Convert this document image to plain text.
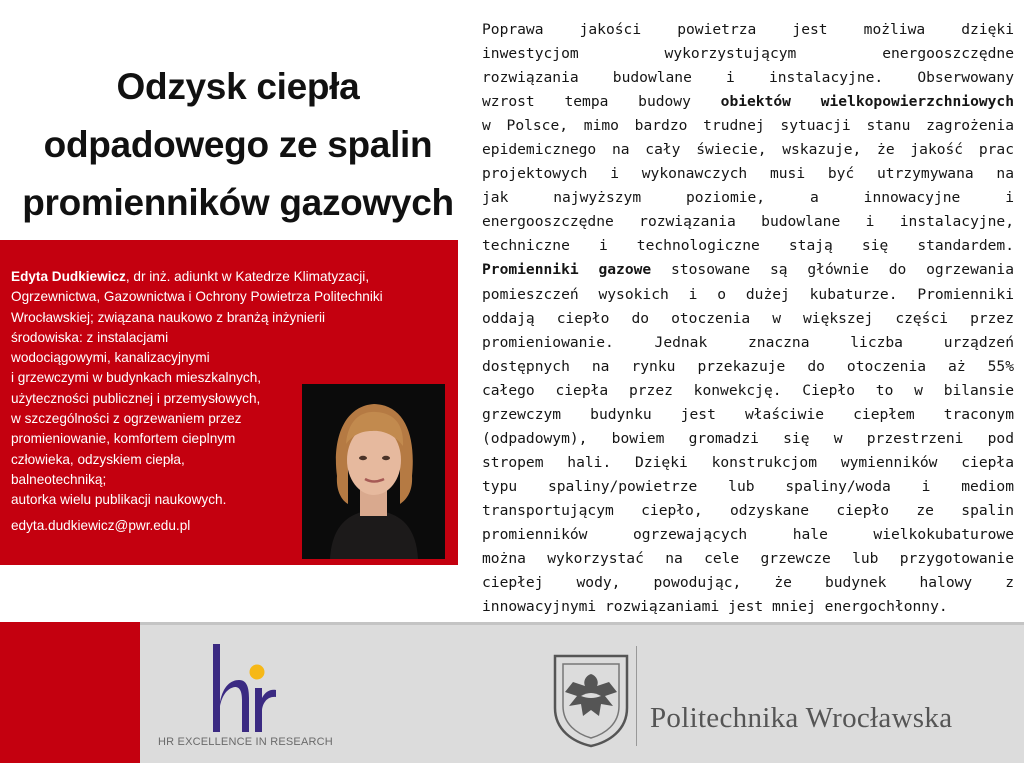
Odzysk ciepła
odpadowego ze spalin
promienników gazowych
Edyta Dudkiewicz, dr inż. adiunkt w Katedrze Klimatyzacji,
Ogrzewnictwa, Gazownictwa i Ochrony Powietrza Politechniki
Wrocławskiej; związana naukowo z branżą inżynierii
środowiska: z instalacjami
wodociągowymi, kanalizacyjnymi
i grzewczymi w budynkach mieszkalnych,
użyteczności publicznej i przemysłowych,
w szczególności z ogrzewaniem przez
promieniowanie, komfortem cieplnym
człowieka, odzyskiem ciepła,
balneotechniką;
autorka wielu publikacji naukowych.
edyta.dudkiewicz@pwr.edu.pl
Poprawa jakości powietrza jest możliwa dzięki
inwestycjom wykorzystującym energooszczędne
rozwiązania budowlane i instalacyjne. Obserwowany
wzrost tempa budowy obiektów wielkopowierzchniowych
w Polsce, mimo bardzo trudnej sytuacji stanu zagrożenia
epidemicznego na cały świecie, wskazuje, że jakość prac
projektowych i wykonawczych musi być utrzymywana na
jak najwyższym poziomie, a innowacyjne i
energooszczędne rozwiązania budowlane i instalacyjne,
techniczne i technologiczne stają się standardem.
Promienniki gazowe stosowane są głównie do ogrzewania
pomieszczeń wysokich i o dużej kubaturze. Promienniki
oddają ciepło do otoczenia w większej części przez
promieniowanie. Jednak znaczna liczba urządzeń
dostępnych na rynku przekazuje do otoczenia aż 55%
całego ciepła przez konwekcję. Ciepło to w bilansie
grzewczym budynku jest właściwie ciepłem traconym
(odpadowym), bowiem gromadzi się w przestrzeni pod
stropem hali. Dzięki konstrukcjom wymienników ciepła
typu spaliny/powietrze lub spaliny/woda i mediom
transportującym ciepło, odzyskane ciepło ze spalin
promienników ogrzewających hale wielkokubaturowe
można wykorzystać na cele grzewcze lub przygotowanie
ciepłej wody, powodując, że budynek halowy z
innowacyjnymi rozwiązaniami jest mniej energochłonny.
HR EXCELLENCE IN RESEARCH
Politechnika Wrocławska
